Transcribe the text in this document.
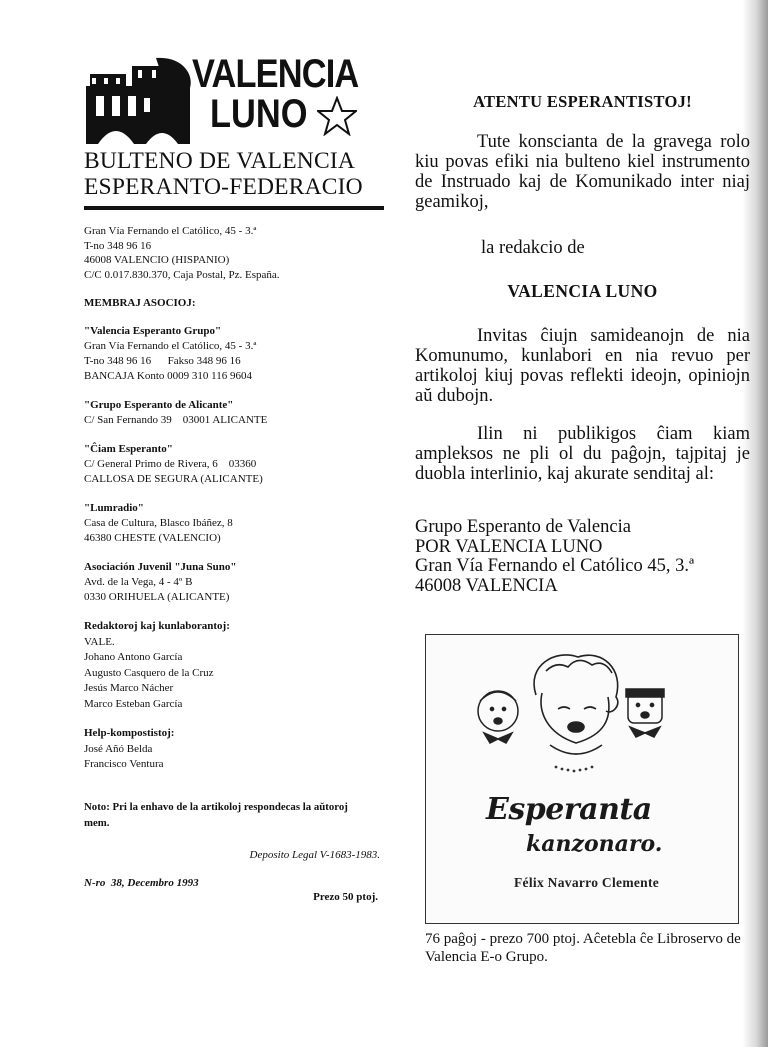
VALENCIA
LUNO
BULTENO DE VALENCIA
ESPERANTO-FEDERACIO
Gran Vía Fernando el Católico, 45 - 3.ª
T-no 348 96 16
46008 VALENCIO (HISPANIO)
C/C 0.017.830.370, Caja Postal, Pz. España.
MEMBRAJ ASOCIOJ:
"Valencia Esperanto Grupo"
Gran Vía Fernando el Católico, 45 - 3.ª
T-no 348 96 16      Fakso 348 96 16
BANCAJA Konto 0009 310 116 9604
"Grupo Esperanto de Alicante"
C/ San Fernando 39    03001 ALICANTE
"Ĉiam Esperanto"
C/ General Primo de Rivera, 6    03360
CALLOSA DE SEGURA (ALICANTE)
"Lumradio"
Casa de Cultura, Blasco Ibáñez, 8
46380 CHESTE (VALENCIO)
Asociación Juvenil "Juna Suno"
Avd. de la Vega, 4 - 4º B
0330 ORIHUELA (ALICANTE)
Redaktoroj kaj kunlaborantoj:
VALE.
Johano Antono García
Augusto Casquero de la Cruz
Jesús Marco Nácher
Marco Esteban García
Help-kompostistoj:
José Añó Belda
Francisco Ventura
Noto: Pri la enhavo de la artikoloj respondecas la aŭtoroj mem.
Deposito Legal V-1683-1983.
N-ro  38, Decembro 1993
Prezo 50 ptoj.
ATENTU ESPERANTISTOJ!
Tute konscianta de la gravega rolo kiu povas efiki nia bulteno kiel instrumento de Instruado kaj de Komunikado inter niaj geamikoj,
la redakcio de
VALENCIA LUNO
Invitas ĉiujn samideanojn de nia Komunumo, kunlabori en nia revuo per artikoloj kiuj povas reflekti ideojn, opiniojn aŭ dubojn.
Ilin ni publikigos ĉiam kiam ampleksos ne pli ol du paĝojn, tajpitaj je duobla interlinio, kaj akurate senditaj al:
Grupo Esperanto de Valencia
POR VALENCIA LUNO
Gran Vía Fernando el Católico 45, 3.ª
46008 VALENCIA
Esperanta
kanzonaro.
Félix Navarro Clemente
76 paĝoj - prezo 700 ptoj. Aĉetebla ĉe Libroservo de Valencia E-o Grupo.
